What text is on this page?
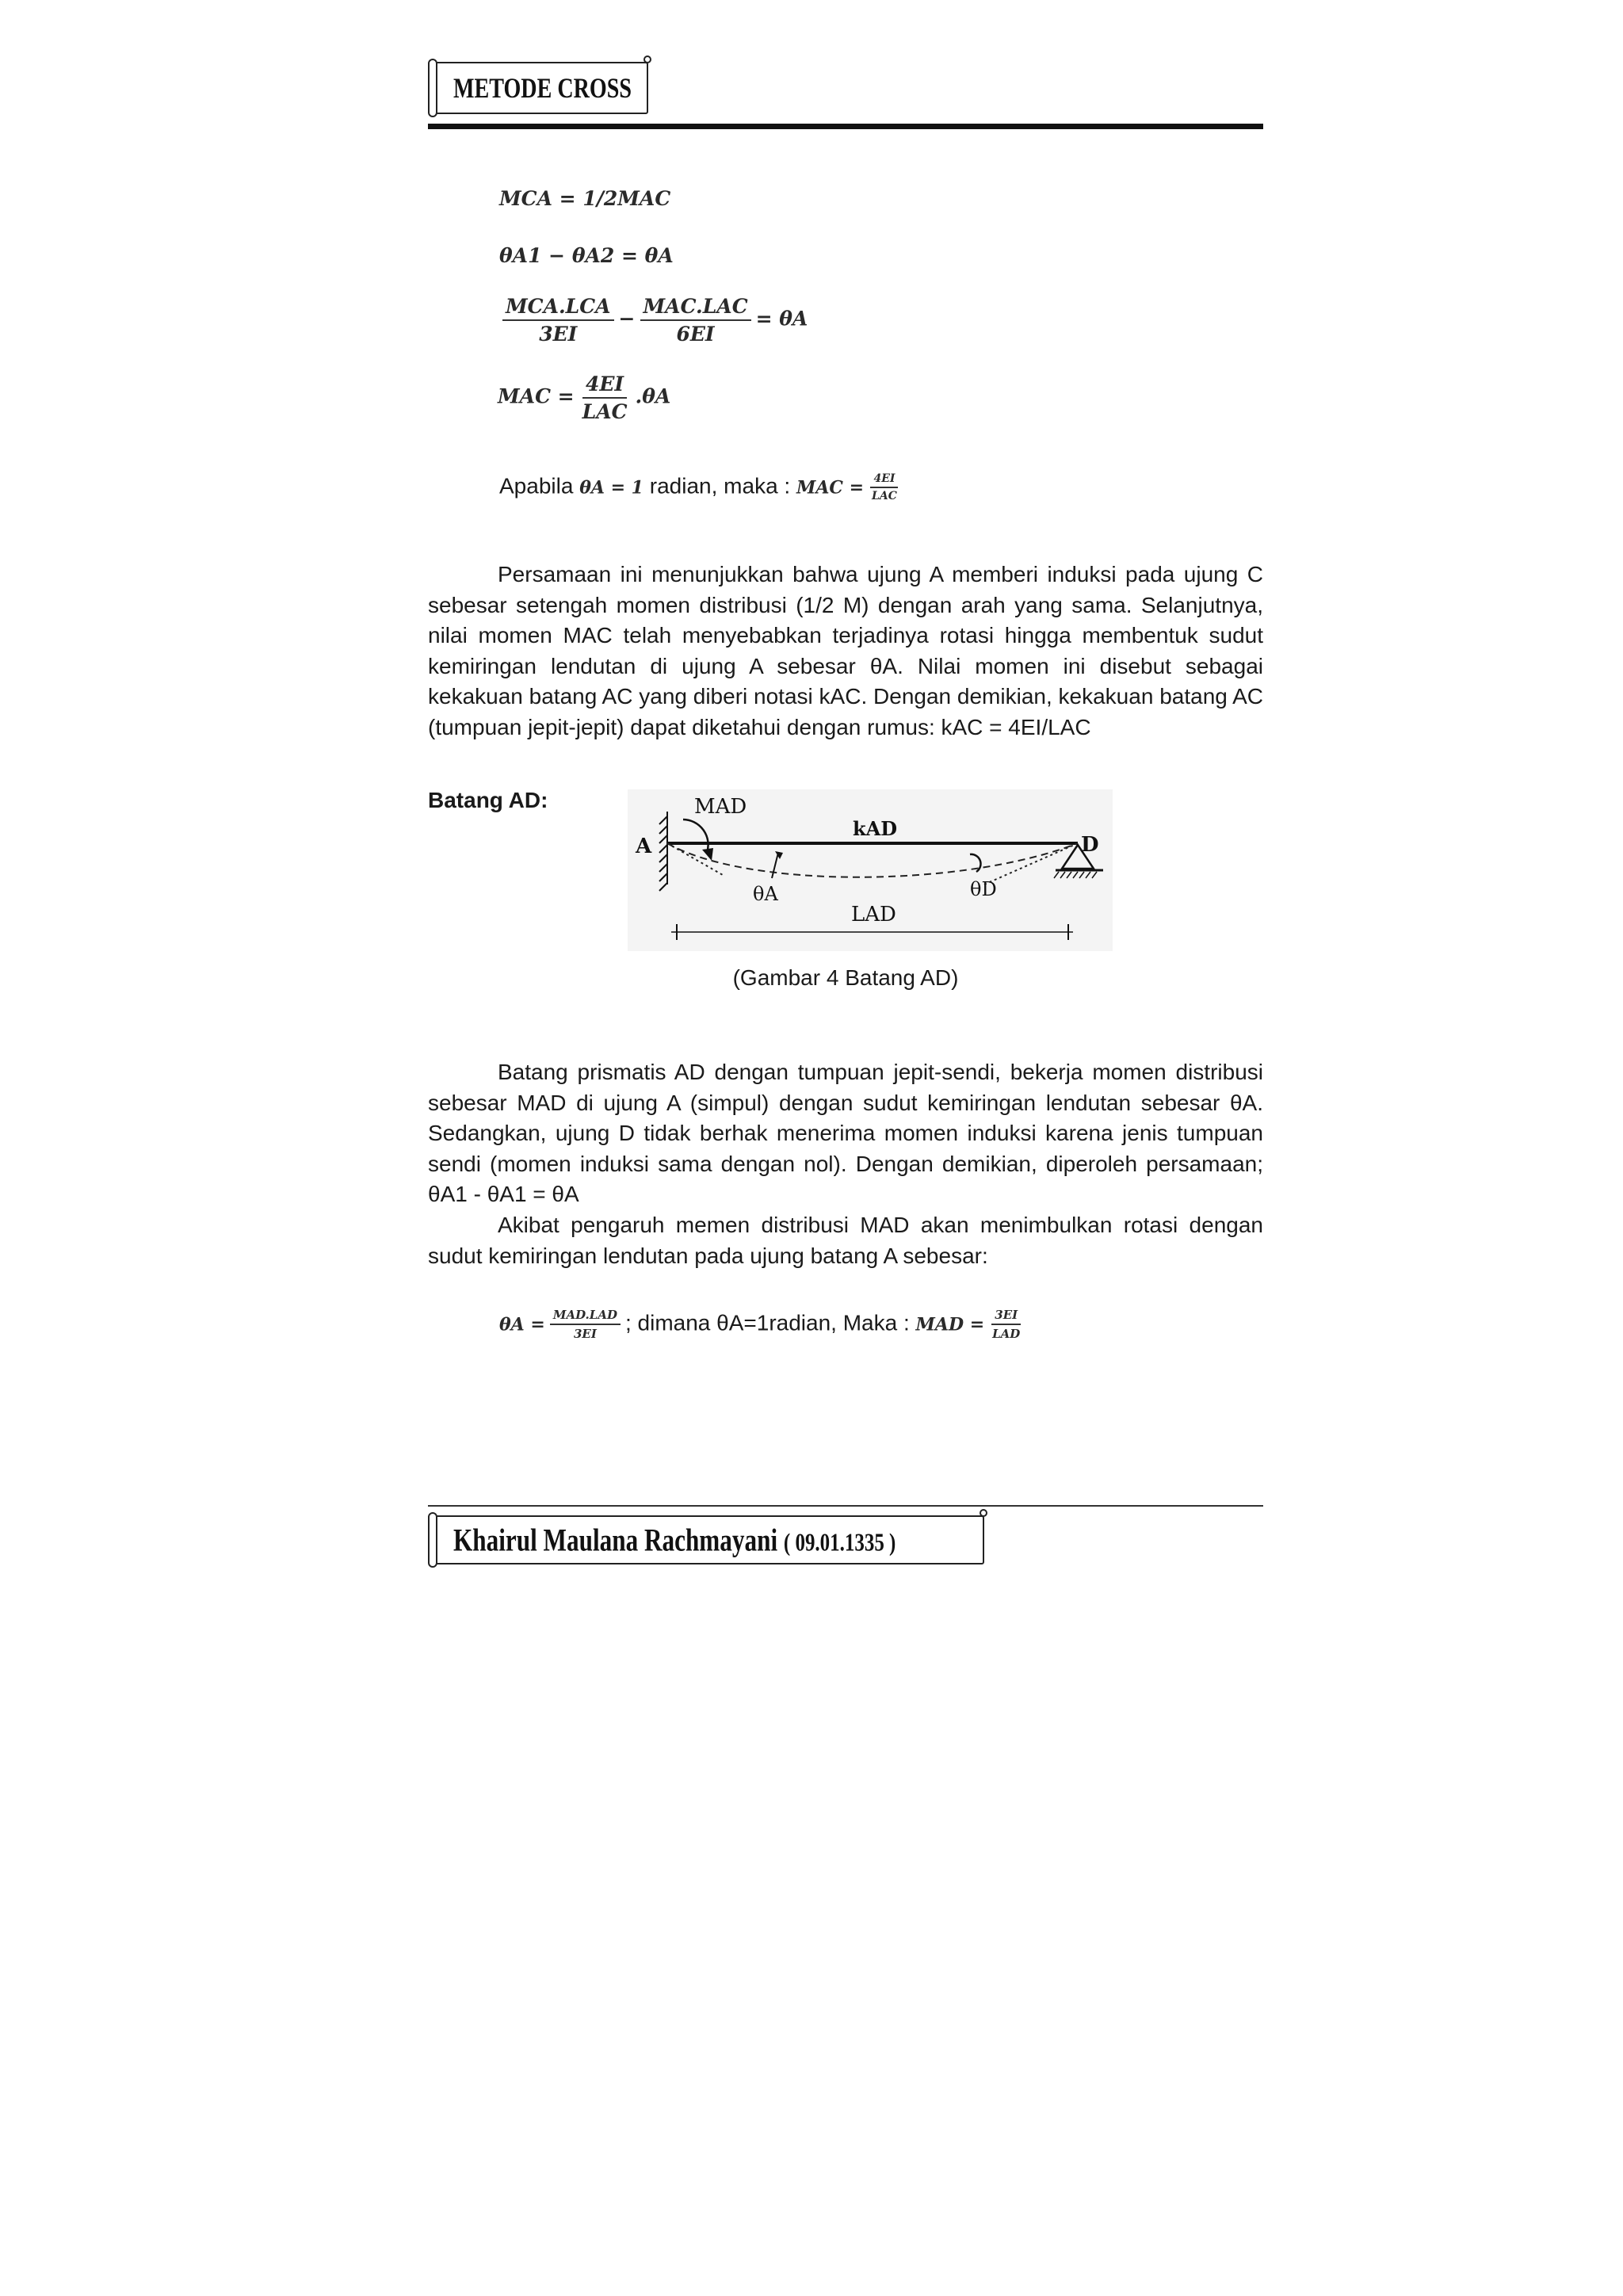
METODE CROSS
MCA = 1/2MAC
θA1 − θA2 = θA
$\frac{\text{MCA.LCA}}{3EI} - \frac{\text{MAC.LAC}}{6EI} = \theta A$
MAC = $\frac{4EI}{\text{LAC}} .\theta A$
Apabila θA = 1 radian, maka : MAC = $\frac{4EI}{\text{LAC}}$

Persamaan ini menunjukkan bahwa ujung A memberi induksi pada ujung C sebesar setengah momen distribusi (1/2 M) dengan arah yang sama. Selanjutnya, nilai momen MAC telah menyebabkan terjadinya rotasi hingga membentuk sudut kemiringan lendutan di ujung A sebesar θA. Nilai momen ini disebut sebagai kekakuan batang AC yang diberi notasi kAC. Dengan demikian, kekakuan batang AC (tumpuan jepit-jepit) dapat diketahui dengan rumus: kAC = 4EI/LAC

Batang AD:	MAD
kAD
A	D
θA	θD
LAD
(Gambar 4 Batang AD)

Batang prismatis AD dengan tumpuan jepit-sendi, bekerja momen distribusi sebesar MAD di ujung A (simpul) dengan sudut kemiringan lendutan sebesar θA. Sedangkan, ujung D tidak berhak menerima momen induksi karena jenis tumpuan sendi (momen induksi sama dengan nol). Dengan demikian, diperoleh persamaan; θA1 - θA1 = θA

Akibat pengaruh memen distribusi MAD akan menimbulkan rotasi dengan sudut kemiringan lendutan pada ujung batang A sebesar:

$\theta A = \frac{\text{MAD.LAD}}{3EI}$ ; dimana θA=1radian, Maka : MAD = $\frac{3EI}{\text{LAD}}$
Khairul Maulana Rachmayani ( 09.01.1335 )
